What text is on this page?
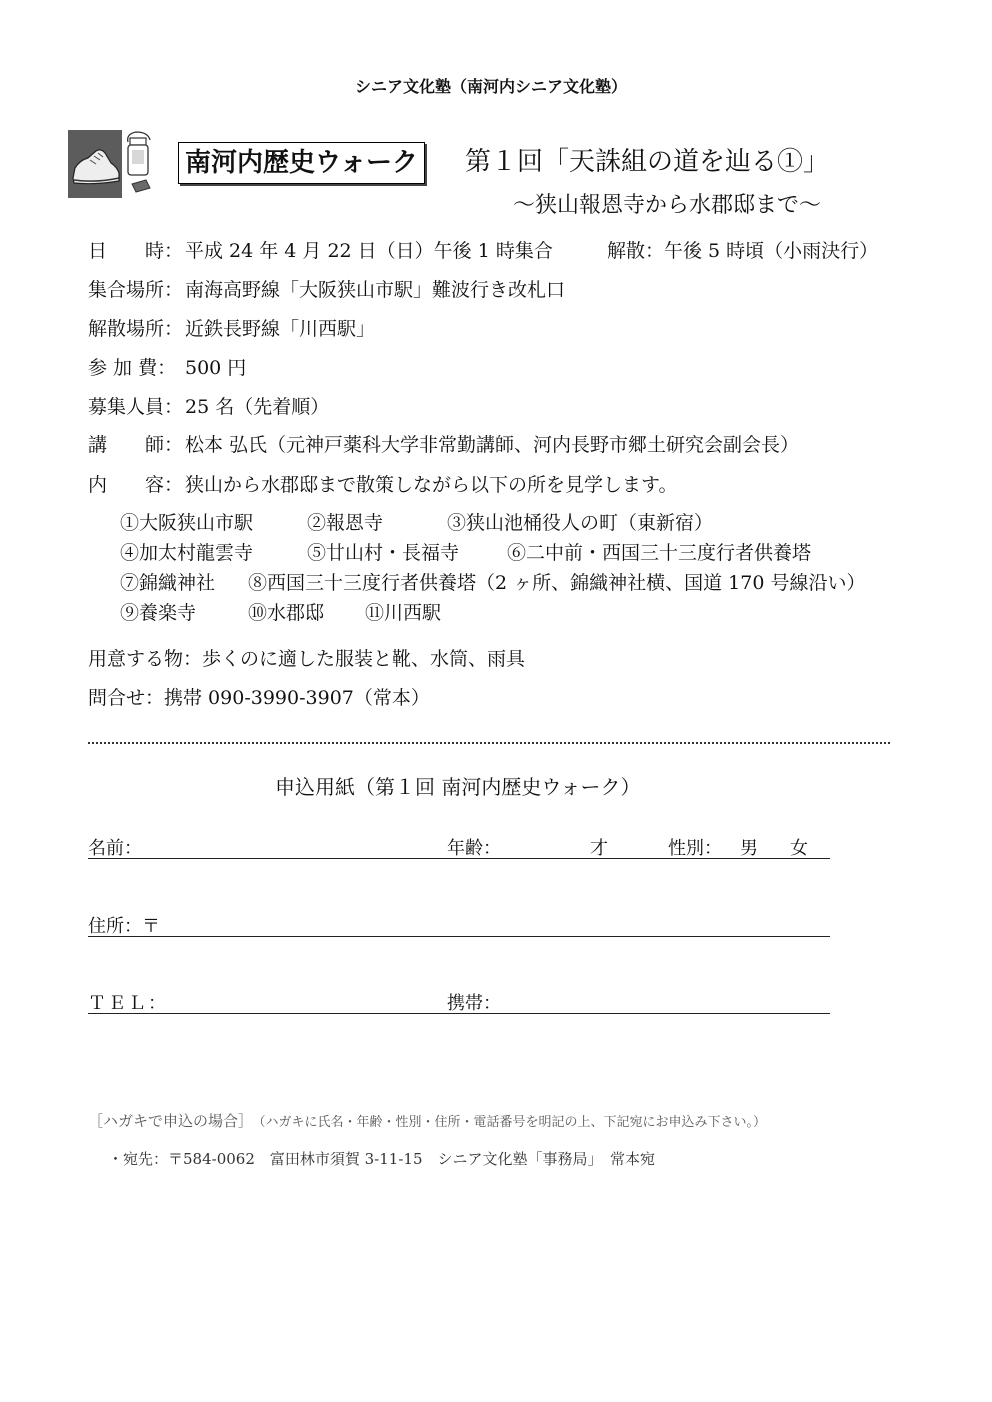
シニア文化塾（南河内シニア文化塾）
南河内歴史ウォーク 第１回「天誅組の道を辿る①」
～狭山報恩寺から水郡邸まで～
日　　時： 平成 24 年 4 月 22 日（日）午後 1 時集合	解散：午後 5 時頃（小雨決行）
集合場所： 南海高野線「大阪狭山市駅」難波行き改札口
解散場所： 近鉄長野線「川西駅」
参 加 費： 500 円
募集人員： 25 名（先着順）
講　　師： 松本 弘氏（元神戸薬科大学非常勤講師、河内長野市郷土研究会副会長）
内　　容： 狭山から水郡邸まで散策しながら以下の所を見学します。
①大阪狭山市駅	②報恩寺	③狭山池桶役人の町（東新宿）
④加太村龍雲寺	⑤廿山村・長福寺	⑥二中前・西国三十三度行者供養塔
⑦錦織神社 ⑧西国三十三度行者供養塔（2 ヶ所、錦織神社横、国道 170 号線沿い）
⑨養楽寺	⑩水郡邸 ⑪川西駅
用意する物：歩くのに適した服装と靴、水筒、雨具
問合せ：携帯 090-3990-3907（常本）
申込用紙（第１回 南河内歴史ウォーク）
名前：	年齢：	才	性別： 男 女
住所：〒
ＴＥＬ：	携帯：
［ハガキで申込の場合］ （ハガキに氏名・年齢・性別・住所・電話番号を明記の上、下記宛にお申込み下さい。）
・宛先：〒584-0062　富田林市須賀 3-11-15　シニア文化塾「事務局」　常本宛
